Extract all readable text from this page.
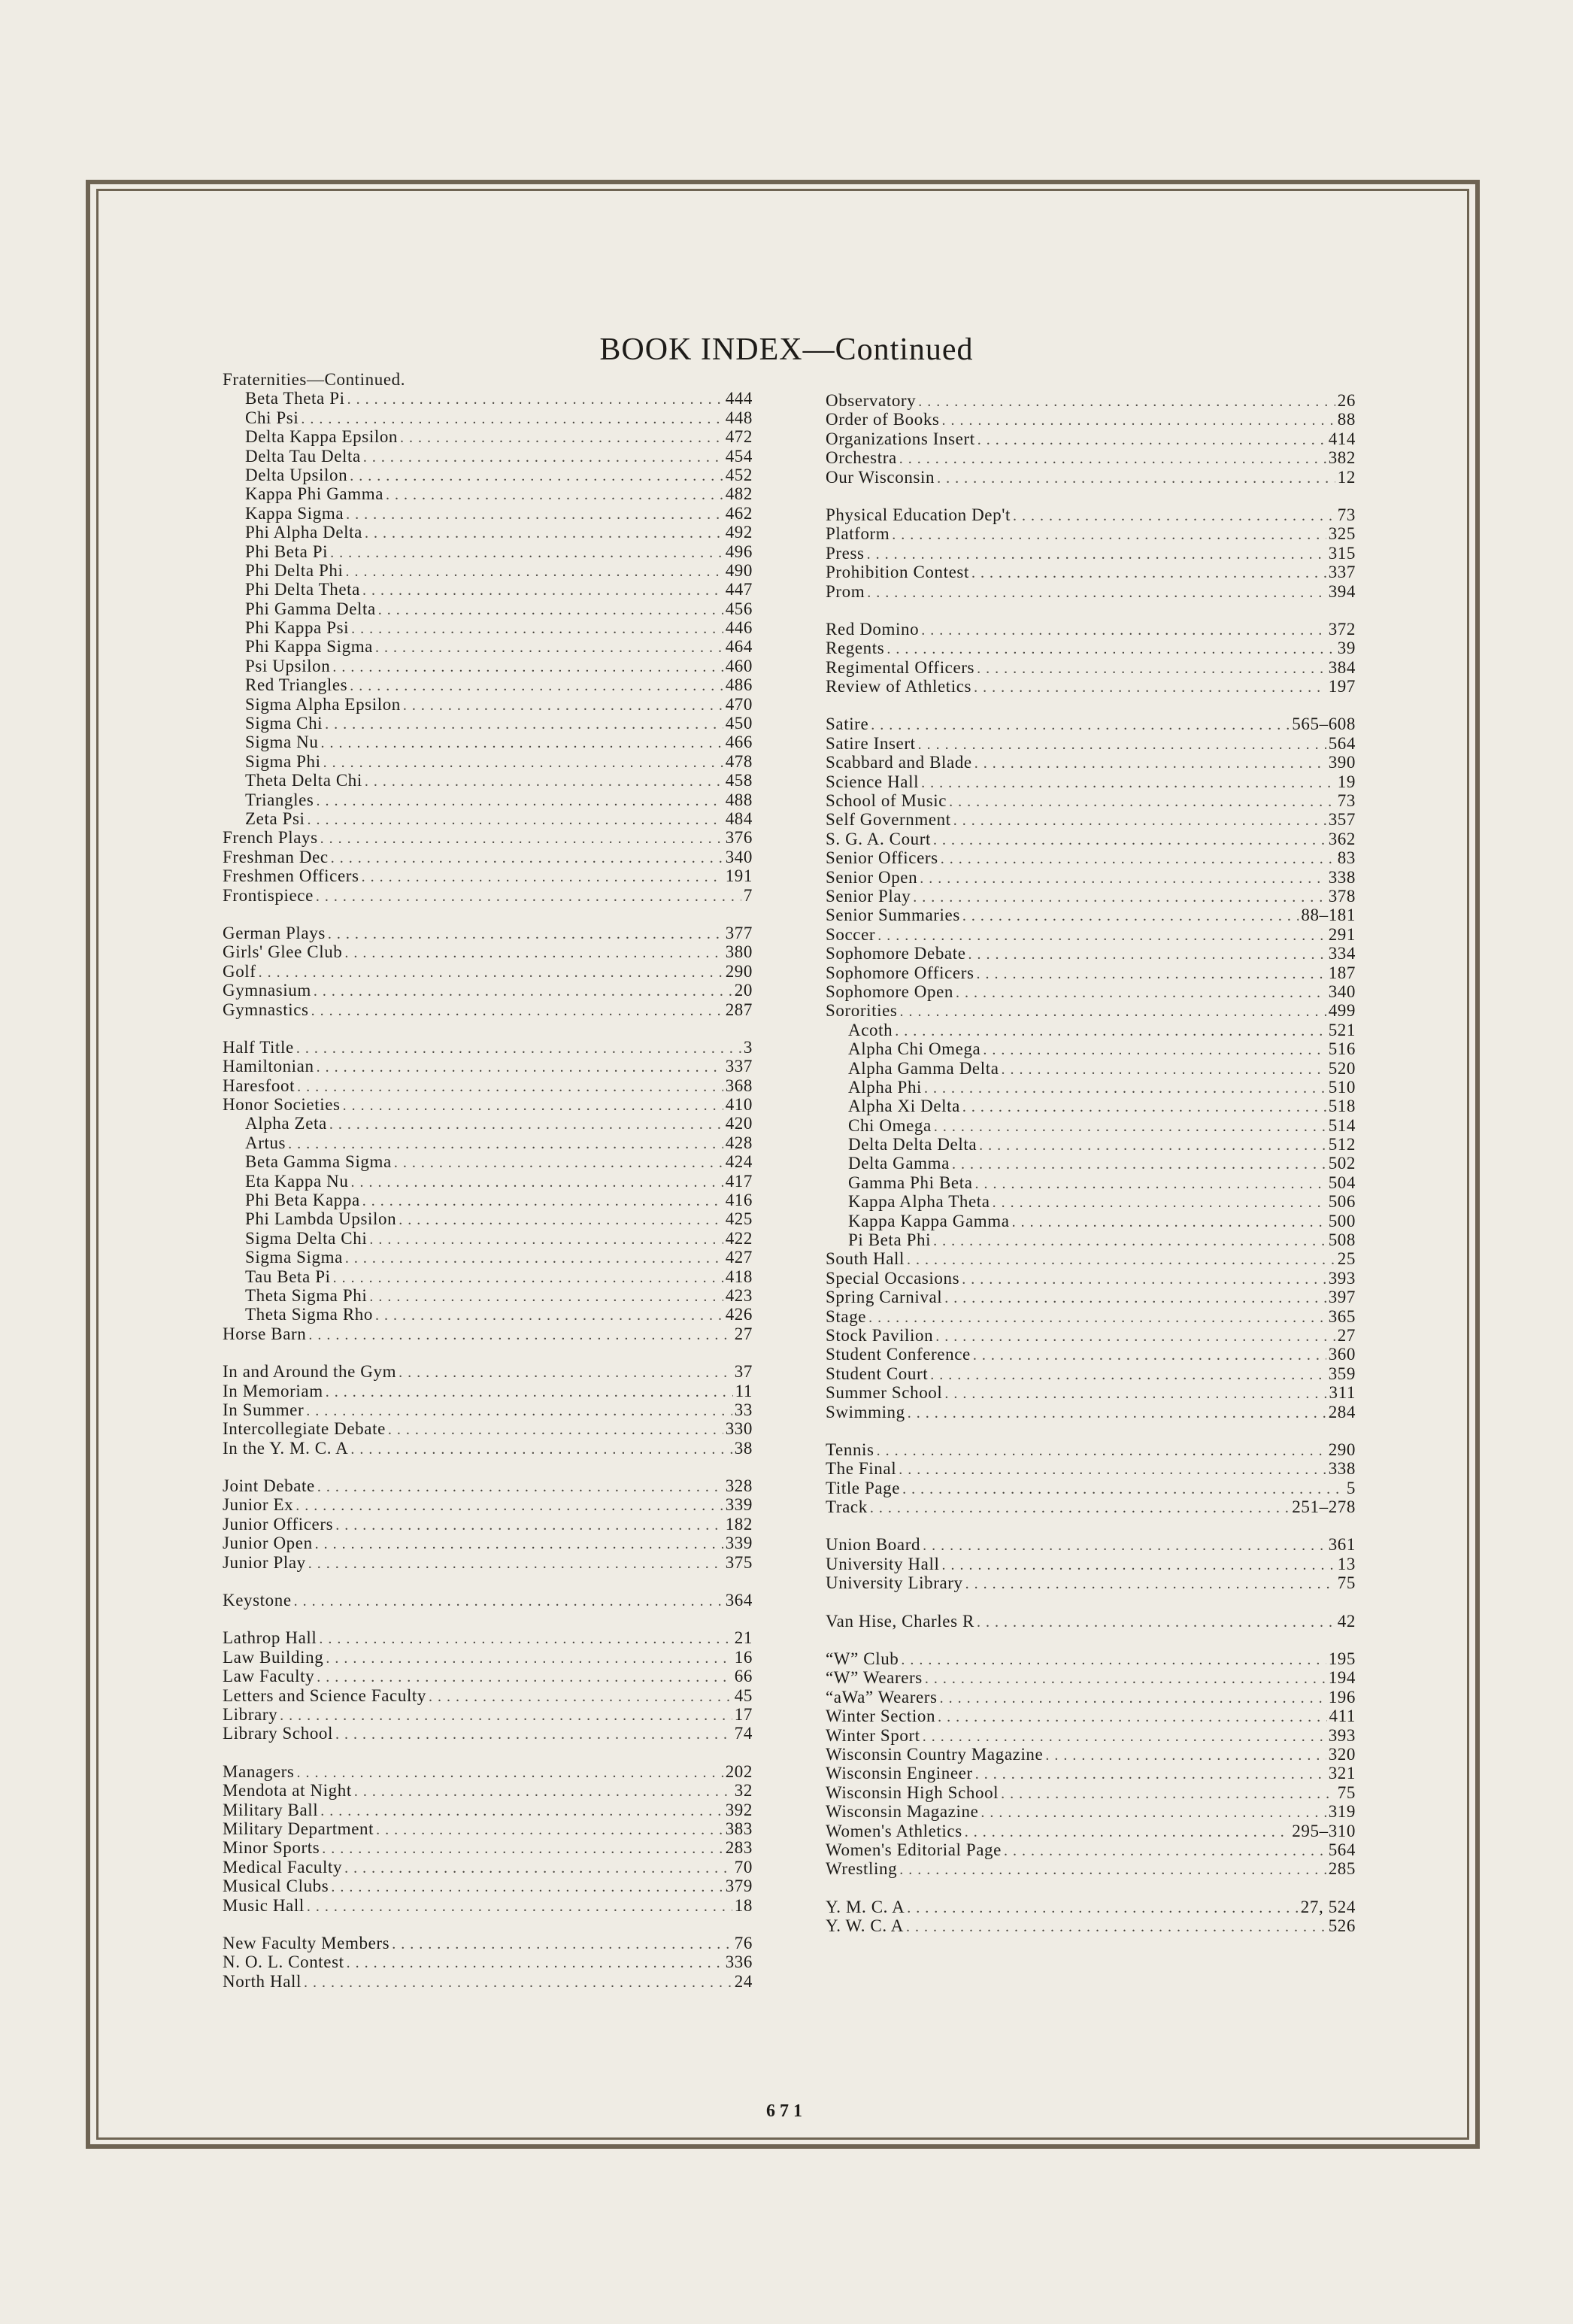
BOOK INDEX—Continued
Fraternities—Continued.
Beta Theta Pi . . .	444
Chi Psi . . .	448
Delta Kappa Epsilon . . .	472
Delta Tau Delta . . .	454
Delta Upsilon . . .	452
Kappa Phi Gamma . . .	482
Kappa Sigma . . .	462
Phi Alpha Delta . . .	492
Phi Beta Pi . . .	496
Phi Delta Phi . . .	490
Phi Delta Theta . . .	447
Phi Gamma Delta . . .	456
Phi Kappa Psi . . .	446
Phi Kappa Sigma . . .	464
Psi Upsilon . . .	460
Red Triangles . . .	486
Sigma Alpha Epsilon . . .	470
Sigma Chi . . .	450
Sigma Nu . . .	466
Sigma Phi . . .	478
Theta Delta Chi . . .	458
Triangles . . .	488
Zeta Psi . . .	484
French Plays . . .	376
Freshman Dec . . .	340
Freshmen Officers . . .	191
Frontispiece . . .	7
German Plays . . .	377
Girls' Glee Club . . .	380
Golf . . .	290
Gymnasium . . .	20
Gymnastics . . .	287
Half Title . . .	3
Hamiltonian . . .	337
Haresfoot . . .	368
Honor Societies . . .	410
Alpha Zeta . . .	420
Artus . . .	428
Beta Gamma Sigma . . .	424
Eta Kappa Nu . . .	417
Phi Beta Kappa . . .	416
Phi Lambda Upsilon . . .	425
Sigma Delta Chi . . .	422
Sigma Sigma . . .	427
Tau Beta Pi . . .	418
Theta Sigma Phi . . .	423
Theta Sigma Rho . . .	426
Horse Barn . . .	27
In and Around the Gym . . .	37
In Memoriam . . .	11
In Summer . . .	33
Intercollegiate Debate . . .	330
In the Y. M. C. A . . .	38
Joint Debate . . .	328
Junior Ex . . .	339
Junior Officers . . .	182
Junior Open . . .	339
Junior Play . . .	375
Keystone . . .	364
Lathrop Hall . . .	21
Law Building . . .	16
Law Faculty . . .	66
Letters and Science Faculty . . .	45
Library . . .	17
Library School . . .	74
Managers . . .	202
Mendota at Night . . .	32
Military Ball . . .	392
Military Department . . .	383
Minor Sports . . .	283
Medical Faculty . . .	70
Musical Clubs . . .	379
Music Hall . . .	18
New Faculty Members . . .	76
N. O. L. Contest . . .	336
North Hall . . .	24
Observatory . . .	26
Order of Books . . .	88
Organizations Insert . . .	414
Orchestra . . .	382
Our Wisconsin . . .	12
Physical Education Dep't . . .	73
Platform . . .	325
Press . . .	315
Prohibition Contest . . .	337
Prom . . .	394
Red Domino . . .	372
Regents . . .	39
Regimental Officers . . .	384
Review of Athletics . . .	197
Satire . . .	565–608
Satire Insert . . .	564
Scabbard and Blade . . .	390
Science Hall . . .	19
School of Music . . .	73
Self Government . . .	357
S. G. A. Court . . .	362
Senior Officers . . .	83
Senior Open . . .	338
Senior Play . . .	378
Senior Summaries . . .	88–181
Soccer . . .	291
Sophomore Debate . . .	334
Sophomore Officers . . .	187
Sophomore Open . . .	340
Sororities . . .	499
Acoth . . .	521
Alpha Chi Omega . . .	516
Alpha Gamma Delta . . .	520
Alpha Phi . . .	510
Alpha Xi Delta . . .	518
Chi Omega . . .	514
Delta Delta Delta . . .	512
Delta Gamma . . .	502
Gamma Phi Beta . . .	504
Kappa Alpha Theta . . .	506
Kappa Kappa Gamma . . .	500
Pi Beta Phi . . .	508
South Hall . . .	25
Special Occasions . . .	393
Spring Carnival . . .	397
Stage . . .	365
Stock Pavilion . . .	27
Student Conference . . .	360
Student Court . . .	359
Summer School . . .	311
Swimming . . .	284
Tennis . . .	290
The Final . . .	338
Title Page . . .	5
Track . . .	251–278
Union Board . . .	361
University Hall . . .	13
University Library . . .	75
Van Hise, Charles R . . .	42
“W” Club . . .	195
“W” Wearers . . .	194
“aWa” Wearers . . .	196
Winter Section . . .	411
Winter Sport . . .	393
Wisconsin Country Magazine . . .	320
Wisconsin Engineer . . .	321
Wisconsin High School . . .	75
Wisconsin Magazine . . .	319
Women's Athletics . . .	295–310
Women's Editorial Page . . .	564
Wrestling . . .	285
Y. M. C. A . . .	27, 524
Y. W. C. A . . .	526
671
